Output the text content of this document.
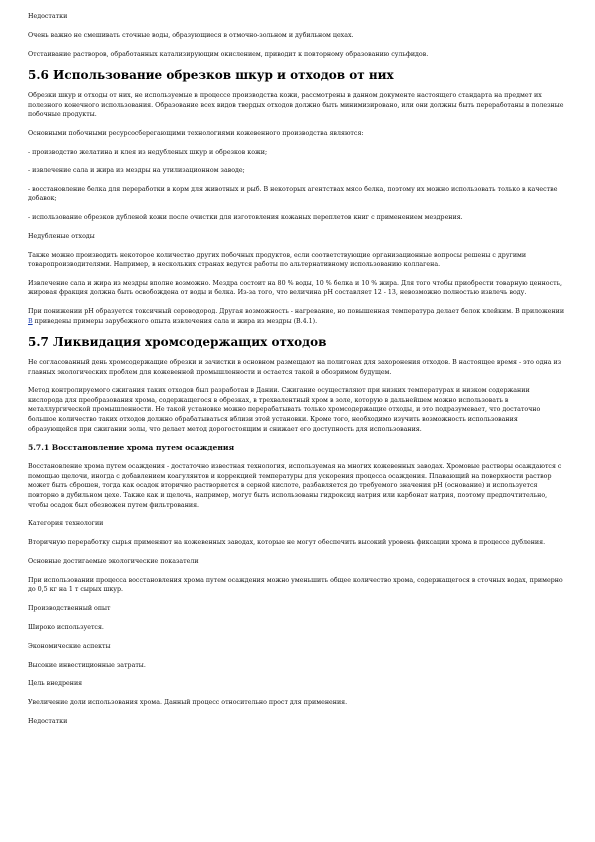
Недостатки

Очень важно не смешивать сточные воды, образующиеся в отмочно-зольном и дубильном цехах.

Отстаивание растворов, обработанных катализирующим окислением, приводит к повторному образованию сульфидов.

5.6 Использование обрезков шкур и отходов от них

Обрезки шкур и отходы от них, не используемые в процессе производства кожи, рассмотрены в данном документе настоящего стандарта на предмет их полезного конечного использования. Образование всех видов твердых отходов должно быть минимизировано, или они должны быть переработаны в полезные побочные продукты.

Основными побочными ресурсосберегающими технологиями кожевенного производства являются:

- производство желатина и клея из недубленых шкур и обрезков кожи;

- извлечение сала и жира из мездры на утилизационном заводе;

- восстановление белка для переработки в корм для животных и рыб. В некоторых агентствах мясо белка, поэтому их можно использовать только в качестве добавок;

- использование обрезков дубленой кожи после очистки для изготовления кожаных переплетов книг с применением мездрения.

Недубленые отходы

Также можно производить некоторое количество других побочных продуктов, если соответствующие организационные вопросы решены с другими товаропроизводителями. Например, в нескольких странах ведутся работы по альтернативному использованию коллагена.

Извлечение сала и жира из мездры вполне возможно. Мездра состоит на 80 % воды, 10 % белка и 10 % жира. Для того чтобы приобрести товарную ценность, жировая фракция должна быть освобождена от воды и белка. Из-за того, что величина рН составляет 12 - 13, невозможно полностью извлечь воду.

При понижении рН образуется токсичный сероводород. Другая возможность - нагревание, но повышенная температура делает белок клейким. В приложении В приведены примеры зарубежного опыта извлечения сала и жира из мездры (В.4.1).

5.7 Ликвидация хромсодержащих отходов

Не согласованный день хромсодержащие обрезки и зачистки в основном размещают на полигонах для захоронения отходов. В настоящее время - это одна из главных экологических проблем для кожевенной промышленности и остается такой в обозримом будущем.

Метод контролируемого сжигания таких отходов был разработан в Дании. Сжигание осуществляют при низких температурах и низком содержании кислорода для преобразования хрома, содержащегося в обрезках, в трехвалентный хром в золе, которую в дальнейшем можно использовать в металлургической промышленности. Не такой установке можно перерабатывать только хромсодержащие отходы, и это подразумевает, что достаточно большое количество таких отходов должно обрабатываться вблизи этой установки. Кроме того, необходимо изучить возможность использования образующейся при сжигании золы, что делает метод дорогостоящим и снижает его доступность для использования.

5.7.1 Восстановление хрома путем осаждения

Восстановление хрома путем осаждения - достаточно известная технология, используемая на многих кожевенных заводах. Хромовые растворы осаждаются с помощью щелочи, иногда с добавлением коагулянтов и коррекцией температуры для ускорения процесса осаждения. Плавающий на поверхности раствор может быть сброшен, тогда как осадок вторично растворяется в серной кислоте, разбавляется до требуемого значения рН (основание) и используется повторно в дубильном цехе. Также как и щелочь, например, могут быть использованы гидроксид натрия или карбонат натрия, поэтому предпочтительно, чтобы осадок был обезвожен путем фильтрования.

Категория технологии

Вторичную переработку сырья применяют на кожевенных заводах, которые не могут обеспечить высокий уровень фиксации хрома в процессе дубления.

Основные достигаемые экологические показатели

При использовании процесса восстановления хрома путем осаждения можно уменьшить общее количество хрома, содержащегося в сточных водах, примерно до 0,5 кг на 1 т сырых шкур.

Производственный опыт

Широко используется.

Экономические аспекты

Высокие инвестиционные затраты.

Цель внедрения

Увеличение доли использования хрома. Данный процесс относительно прост для применения.

Недостатки
